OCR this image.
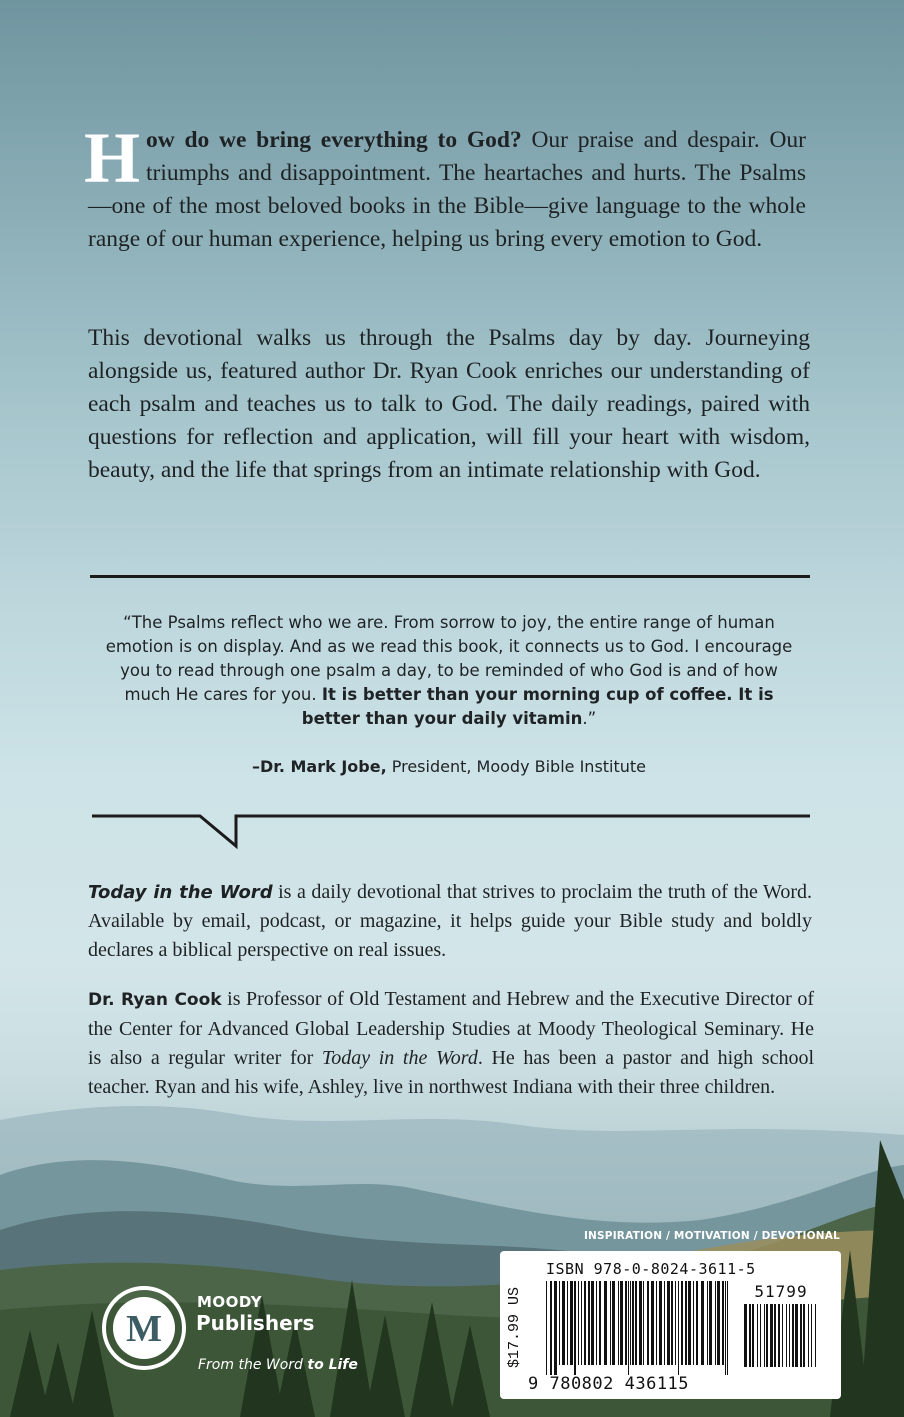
How do we bring everything to God? Our praise and despair. Our triumphs and disappointment. The heartaches and hurts. The Psalms—one of the most beloved books in the Bible—give language to the whole range of our human experience, helping us bring every emotion to God.

This devotional walks us through the Psalms day by day. Journeying alongside us, featured author Dr. Ryan Cook enriches our understanding of each psalm and teaches us to talk to God. The daily readings, paired with questions for reflection and application, will fill your heart with wisdom, beauty, and the life that springs from an intimate relationship with God.

“The Psalms reflect who we are. From sorrow to joy, the entire range of human emotion is on display. And as we read this book, it connects us to God. I encourage you to read through one psalm a day, to be reminded of who God is and of how much He cares for you. It is better than your morning cup of coffee. It is better than your daily vitamin.”

–Dr. Mark Jobe, President, Moody Bible Institute

Today in the Word is a daily devotional that strives to proclaim the truth of the Word. Available by email, podcast, or magazine, it helps guide your Bible study and boldly declares a biblical perspective on real issues.

Dr. Ryan Cook is Professor of Old Testament and Hebrew and the Executive Director of the Center for Advanced Global Leadership Studies at Moody Theological Seminary. He is also a regular writer for Today in the Word. He has been a pastor and high school teacher. Ryan and his wife, Ashley, live in northwest Indiana with their three children.

INSPIRATION / MOTIVATION / DEVOTIONAL
$17.99 US
ISBN 978-0-8024-3611-5
51799
9 780802 436115
M
MOODY
Publishers
From the Word to Life
